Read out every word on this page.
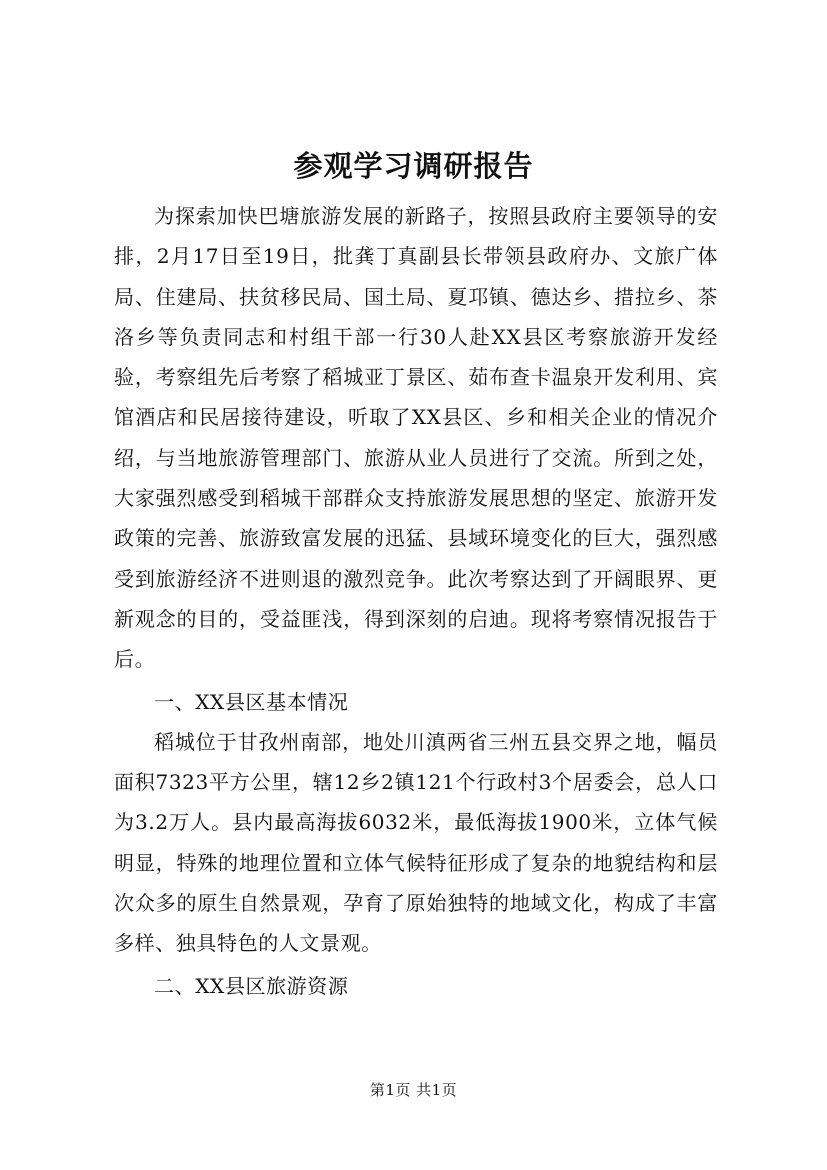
参观学习调研报告

为探索加快巴塘旅游发展的新路子，按照县政府主要领导的安排，2月17日至19日，批龚丁真副县长带领县政府办、文旅广体局、住建局、扶贫移民局、国土局、夏邛镇、德达乡、措拉乡、茶洛乡等负责同志和村组干部一行30人赴XX县区考察旅游开发经验，考察组先后考察了稻城亚丁景区、茹布查卡温泉开发利用、宾馆酒店和民居接待建设，听取了XX县区、乡和相关企业的情况介绍，与当地旅游管理部门、旅游从业人员进行了交流。所到之处，大家强烈感受到稻城干部群众支持旅游发展思想的坚定、旅游开发政策的完善、旅游致富发展的迅猛、县域环境变化的巨大，强烈感受到旅游经济不进则退的激烈竞争。此次考察达到了开阔眼界、更新观念的目的，受益匪浅，得到深刻的启迪。现将考察情况报告于后。

一、XX县区基本情况

稻城位于甘孜州南部，地处川滇两省三州五县交界之地，幅员面积7323平方公里，辖12乡2镇121个行政村3个居委会，总人口为3.2万人。县内最高海拔6032米，最低海拔1900米，立体气候明显，特殊的地理位置和立体气候特征形成了复杂的地貌结构和层次众多的原生自然景观，孕育了原始独特的地域文化，构成了丰富多样、独具特色的人文景观。

二、XX县区旅游资源

第1页 共1页
